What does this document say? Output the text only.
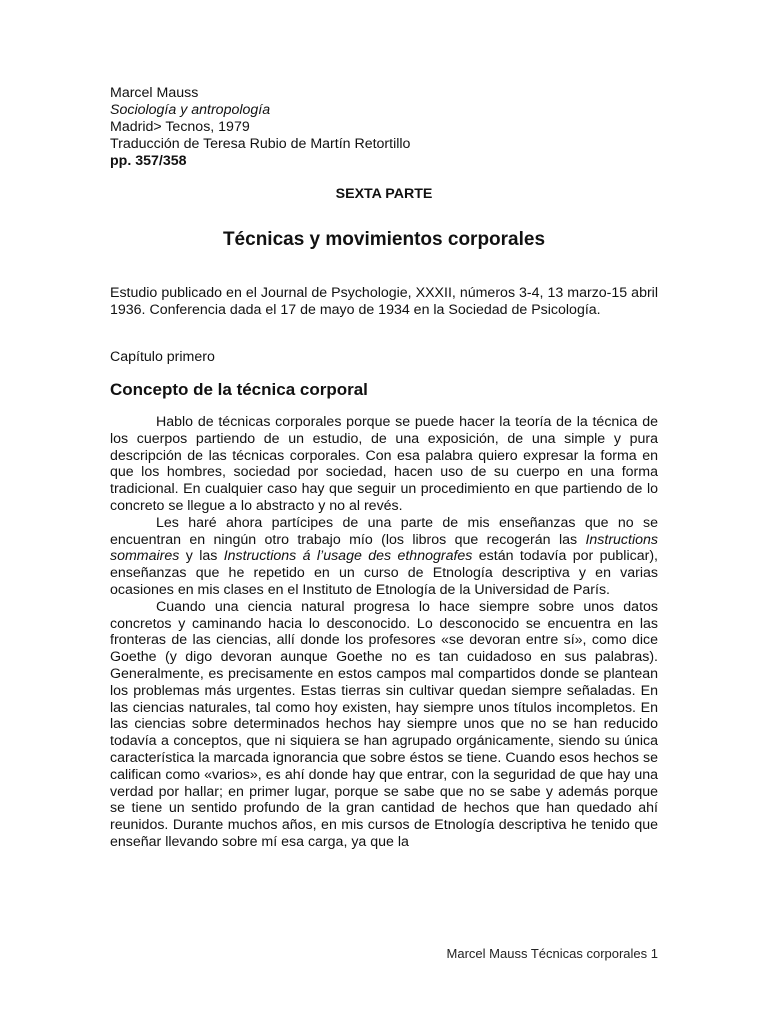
Marcel Mauss

Sociología y antropología

Madrid> Tecnos, 1979

Traducción de Teresa Rubio de Martín Retortillo

pp. 357/358

SEXTA PARTE

Técnicas y movimientos corporales

Estudio publicado en el Journal de Psychologie, XXXII, números 3-4, 13 marzo-15 abril 1936. Conferencia dada el 17 de mayo de 1934 en la Sociedad de Psicología.

Capítulo primero

Concepto de la técnica corporal

Hablo de técnicas corporales porque se puede hacer la teoría de la técnica de los cuerpos partiendo de un estudio, de una exposición, de una simple y pura descripción de las técnicas corporales. Con esa palabra quiero expresar la forma en que los hombres, sociedad por sociedad, hacen uso de su cuerpo en una forma tradicional. En cualquier caso hay que seguir un procedimiento en que partiendo de lo concreto se llegue a lo abstracto y no al revés.

Les haré ahora partícipes de una parte de mis enseñanzas que no se encuentran en ningún otro trabajo mío (los libros que recogerán las Instructions sommaires y las Instructions á l’usage des ethnografes están todavía por publicar), enseñanzas que he repetido en un curso de Etnología descriptiva y en varias ocasiones en mis clases en el Instituto de Etnología de la Universidad de París.

Cuando una ciencia natural progresa lo hace siempre sobre unos datos concretos y caminando hacia lo desconocido. Lo desconocido se encuentra en las fronteras de las ciencias, allí donde los profesores «se devoran entre sí», como dice Goethe (y digo devoran aunque Goethe no es tan cuidadoso en sus palabras). Generalmente, es precisamente en estos campos mal compartidos donde se plantean los problemas más urgentes. Estas tierras sin cultivar quedan siempre señaladas. En las ciencias naturales, tal como hoy existen, hay siempre unos títulos incompletos. En las ciencias sobre determinados hechos hay siempre unos que no se han reducido todavía a conceptos, que ni siquiera se han agrupado orgánicamente, siendo su única característica la marcada ignorancia que sobre éstos se tiene. Cuando esos hechos se califican como «varios», es ahí donde hay que entrar, con la seguridad de que hay una verdad por hallar; en primer lugar, porque se sabe que no se sabe y además porque se tiene un sentido profundo de la gran cantidad de hechos que han quedado ahí reunidos. Durante muchos años, en mis cursos de Etnología descriptiva he tenido que enseñar llevando sobre mí esa carga, ya que la

Marcel Mauss Técnicas corporales 1
